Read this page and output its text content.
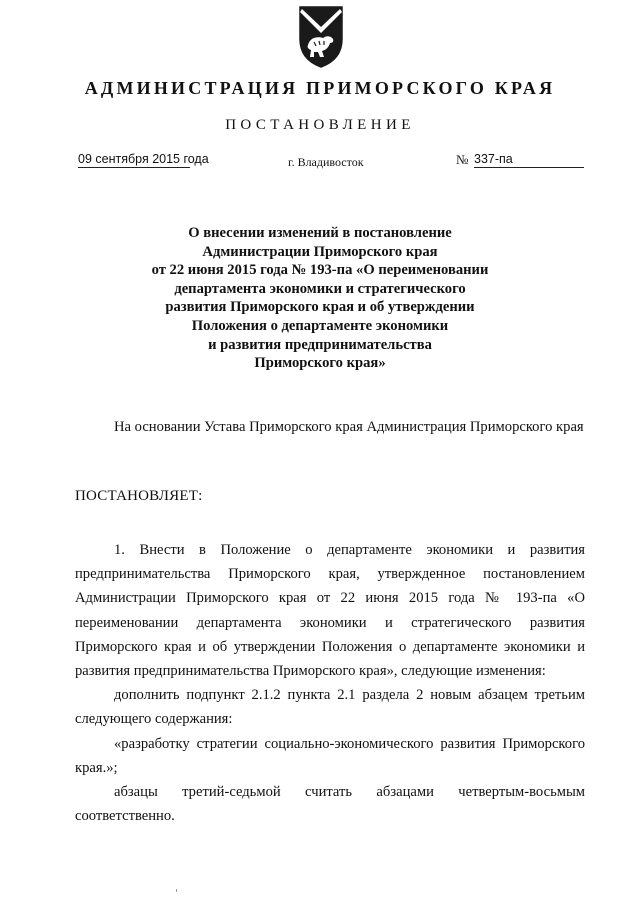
АДМИНИСТРАЦИЯ ПРИМОРСКОГО КРАЯ
ПОСТАНОВЛЕНИЕ
09 сентября 2015 года	г. Владивосток	№ 337-па
О внесении изменений в постановление
Администрации Приморского края
от 22 июня 2015 года № 193-па «О переименовании
департамента экономики и стратегического
развития Приморского края и об утверждении
Положения о департаменте экономики
и развития предпринимательства
Приморского края»
На основании Устава Приморского края Администрация Приморского края
ПОСТАНОВЛЯЕТ:

1. Внести в Положение о департаменте экономики и развития предпринимательства Приморского края, утвержденное постановлением Администрации Приморского края от 22 июня 2015 года № 193-па «О переименовании департамента экономики и стратегического развития Приморского края и об утверждении Положения о департаменте экономики и развития предпринимательства Приморского края», следующие изменения:

дополнить подпункт 2.1.2 пункта 2.1 раздела 2 новым абзацем третьим следующего содержания:

«разработку стратегии социально-экономического развития Приморского края.»;

абзацы третий-седьмой считать абзацами четвертым-восьмым соответственно.
